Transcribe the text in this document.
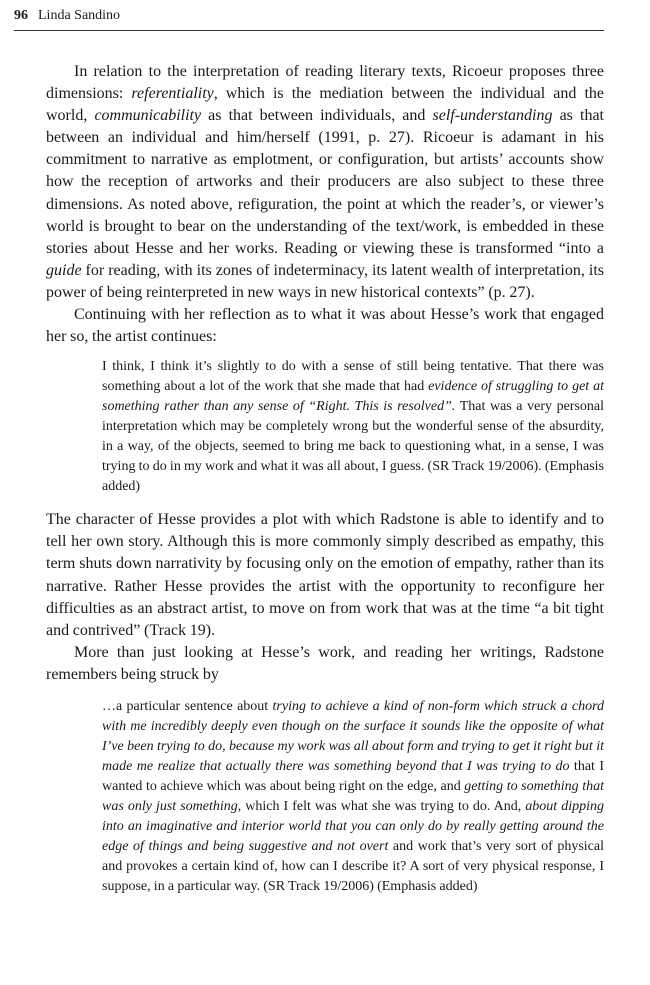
96 Linda Sandino

In relation to the interpretation of reading literary texts, Ricoeur proposes three dimensions: referentiality, which is the mediation between the individual and the world, communicability as that between individuals, and self-understanding as that between an individual and him/herself (1991, p. 27). Ricoeur is adamant in his commitment to narrative as emplotment, or configuration, but artists’ accounts show how the reception of artworks and their producers are also subject to these three dimensions. As noted above, refiguration, the point at which the reader’s, or viewer’s world is brought to bear on the understanding of the text/work, is embedded in these stories about Hesse and her works. Reading or viewing these is transformed “into a guide for reading, with its zones of indeterminacy, its latent wealth of interpretation, its power of being reinterpreted in new ways in new historical contexts” (p. 27).

Continuing with her reflection as to what it was about Hesse’s work that engaged her so, the artist continues:

I think, I think it’s slightly to do with a sense of still being tentative. That there was something about a lot of the work that she made that had evidence of struggling to get at something rather than any sense of “Right. This is resolved”. That was a very personal interpretation which may be completely wrong but the wonderful sense of the absurdity, in a way, of the objects, seemed to bring me back to questioning what, in a sense, I was trying to do in my work and what it was all about, I guess. (SR Track 19/2006). (Emphasis added)

The character of Hesse provides a plot with which Radstone is able to identify and to tell her own story. Although this is more commonly simply described as empathy, this term shuts down narrativity by focusing only on the emotion of empathy, rather than its narrative. Rather Hesse provides the artist with the opportunity to reconfigure her difficulties as an abstract artist, to move on from work that was at the time “a bit tight and contrived” (Track 19).

More than just looking at Hesse’s work, and reading her writings, Radstone remembers being struck by

…a particular sentence about trying to achieve a kind of non-form which struck a chord with me incredibly deeply even though on the surface it sounds like the opposite of what I’ve been trying to do, because my work was all about form and trying to get it right but it made me realize that actually there was something beyond that I was trying to do that I wanted to achieve which was about being right on the edge, and getting to something that was only just something, which I felt was what she was trying to do. And, about dipping into an imaginative and interior world that you can only do by really getting around the edge of things and being suggestive and not overt and work that’s very sort of physical and provokes a certain kind of, how can I describe it? A sort of very physical response, I suppose, in a particular way. (SR Track 19/2006) (Emphasis added)
